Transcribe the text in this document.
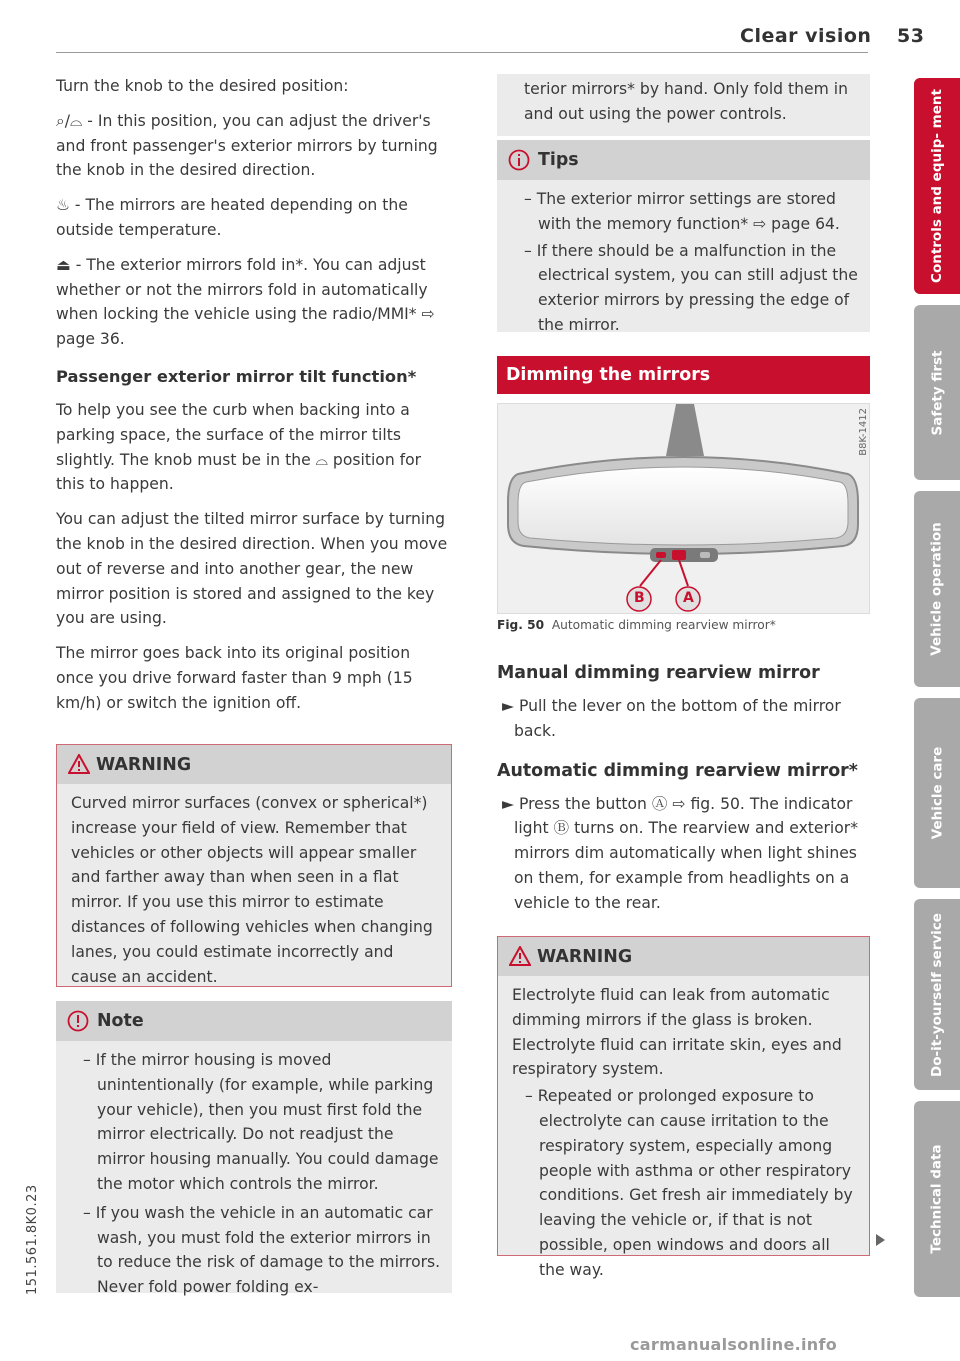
Clear vision 53

Turn the knob to the desired position:

⌕/⌓ - In this position, you can adjust the driver's and front passenger's exterior mirrors by turning the knob in the desired direction.

♨ - The mirrors are heated depending on the outside temperature.

⏏ - The exterior mirrors fold in*. You can adjust whether or not the mirrors fold in automatically when locking the vehicle using the radio/MMI* ⇨ page 36.

Passenger exterior mirror tilt function*

To help you see the curb when backing into a parking space, the surface of the mirror tilts slightly. The knob must be in the ⌓ position for this to happen.

You can adjust the tilted mirror surface by turning the knob in the desired direction. When you move out of reverse and into another gear, the new mirror position is stored and assigned to the key you are using.

The mirror goes back into its original position once you drive forward faster than 9 mph (15 km/h) or switch the ignition off.

WARNING

Curved mirror surfaces (convex or spherical*) increase your field of view. Remember that vehicles or other objects will appear smaller and farther away than when seen in a flat mirror. If you use this mirror to estimate distances of following vehicles when changing lanes, you could estimate incorrectly and cause an accident.

Note

– If the mirror housing is moved unintentionally (for example, while parking your vehicle), then you must first fold the mirror electrically. Do not readjust the mirror housing manually. You could damage the motor which controls the mirror.

– If you wash the vehicle in an automatic car wash, you must fold the exterior mirrors in to reduce the risk of damage to the mirrors. Never fold power folding ex-

terior mirrors* by hand. Only fold them in and out using the power controls.

Tips

– The exterior mirror settings are stored with the memory function* ⇨ page 64.

– If there should be a malfunction in the electrical system, you can still adjust the exterior mirrors by pressing the edge of the mirror.

Dimming the mirrors
B	A
B8K-1412
Fig. 50 Automatic dimming rearview mirror*

Manual dimming rearview mirror

► Pull the lever on the bottom of the mirror back.

Automatic dimming rearview mirror*

► Press the button Ⓐ ⇨ fig. 50. The indicator light Ⓑ turns on. The rearview and exterior* mirrors dim automatically when light shines on them, for example from headlights on a vehicle to the rear.

WARNING

Electrolyte fluid can leak from automatic dimming mirrors if the glass is broken. Electrolyte fluid can irritate skin, eyes and respiratory system.

– Repeated or prolonged exposure to electrolyte can cause irritation to the respiratory system, especially among people with asthma or other respiratory conditions. Get fresh air immediately by leaving the vehicle or, if that is not possible, open windows and doors all the way.

Controls and equip- ment
Safety first
Vehicle operation
Vehicle care
Do-it-yourself service
Technical data
151.561.8K0.23
carmanualsonline.info
